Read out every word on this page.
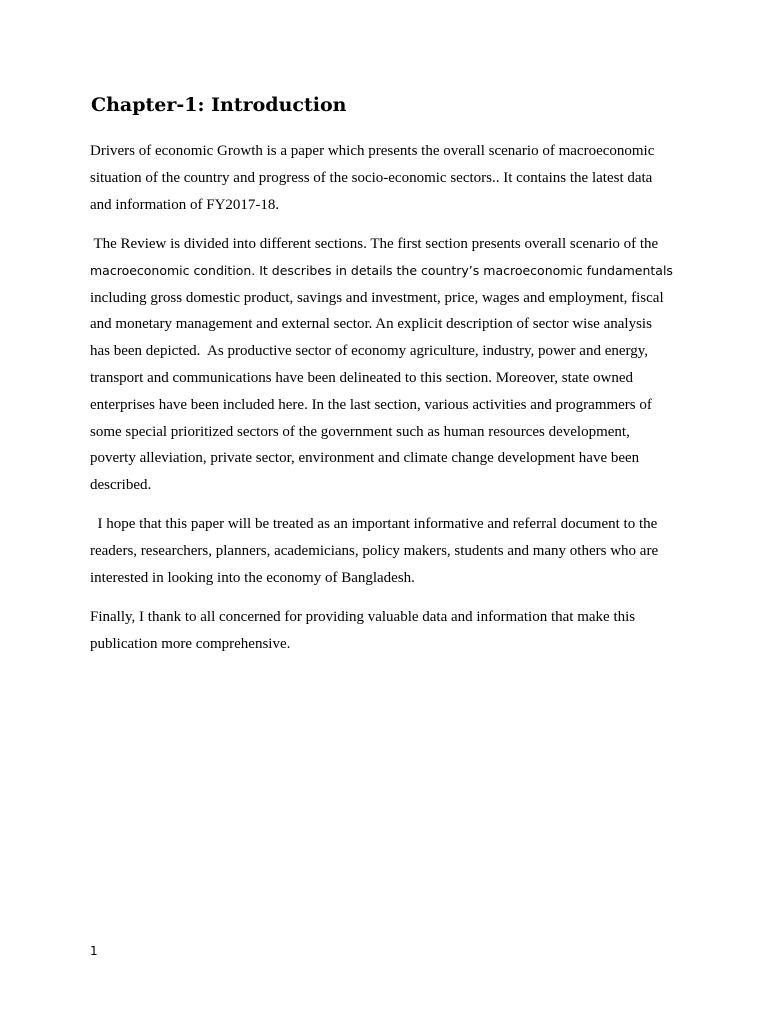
Chapter-1: Introduction
Drivers of economic Growth is a paper which presents the overall scenario of macroeconomic
situation of the country and progress of the socio-economic sectors.. It contains the latest data
and information of FY2017-18.
The Review is divided into different sections. The first section presents overall scenario of the
macroeconomic condition. It describes in details the country’s macroeconomic fundamentals
including gross domestic product, savings and investment, price, wages and employment, fiscal
and monetary management and external sector. An explicit description of sector wise analysis
has been depicted.  As productive sector of economy agriculture, industry, power and energy,
transport and communications have been delineated to this section. Moreover, state owned
enterprises have been included here. In the last section, various activities and programmers of
some special prioritized sectors of the government such as human resources development,
poverty alleviation, private sector, environment and climate change development have been
described.
I hope that this paper will be treated as an important informative and referral document to the
readers, researchers, planners, academicians, policy makers, students and many others who are
interested in looking into the economy of Bangladesh.
Finally, I thank to all concerned for providing valuable data and information that make this
publication more comprehensive.
1
